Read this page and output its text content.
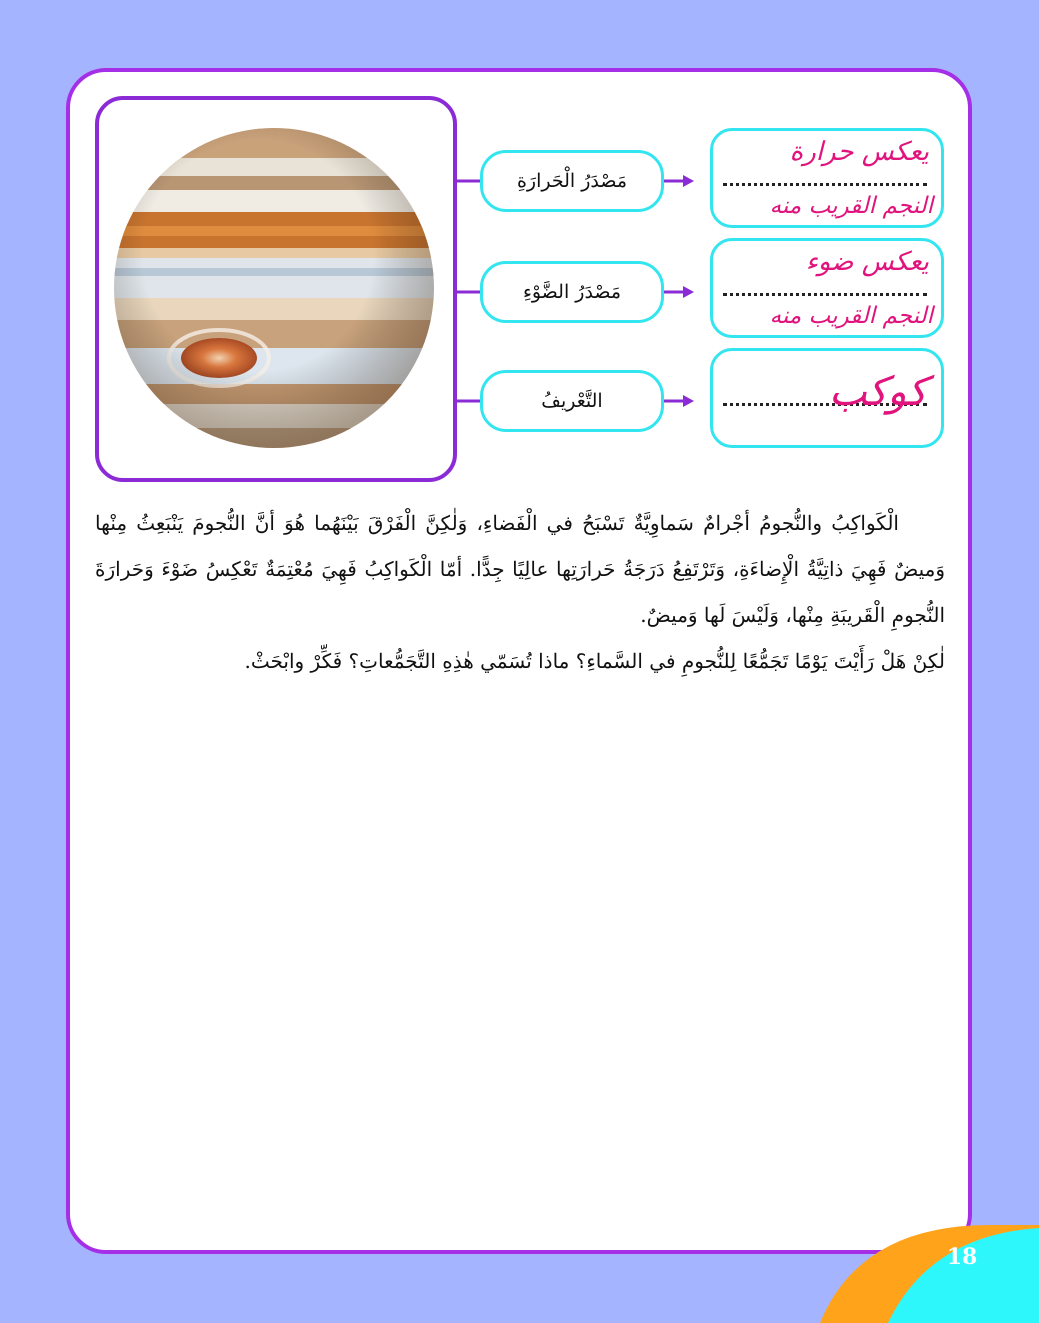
مَصْدَرُ الْحَرارَةِ
مَصْدَرُ الضَّوْءِ
التَّعْريفُ
يعكس حرارة
النجم القريب منه
يعكس ضوء
النجم القريب منه
كوكب

الْكَواكِبُ والنُّجومُ أجْرامٌ سَماوِيَّةٌ تَسْبَحُ في الْفَضاءِ، وَلٰكِنَّ الْفَرْقَ بَيْنَهُما هُوَ أنَّ النُّجومَ يَنْبَعِثُ مِنْها وَميضٌ فَهِيَ ذاتِيَّةُ الْإِضاءَةِ، وَتَرْتَفِعُ دَرَجَةُ حَرارَتِها عالِيًا جِدًّا. أمّا الْكَواكِبُ فَهِيَ مُعْتِمَةٌ تَعْكِسُ ضَوْءَ وَحَرارَةَ النُّجومِ الْقَريبَةِ مِنْها، وَلَيْسَ لَها وَميضٌ.

لٰكِنْ هَلْ رَأَيْتَ يَوْمًا تَجَمُّعًا لِلنُّجومِ في السَّماءِ؟ ماذا تُسَمّي هٰذِهِ التَّجَمُّعاتِ؟ فَكِّرْ وابْحَثْ.

18
